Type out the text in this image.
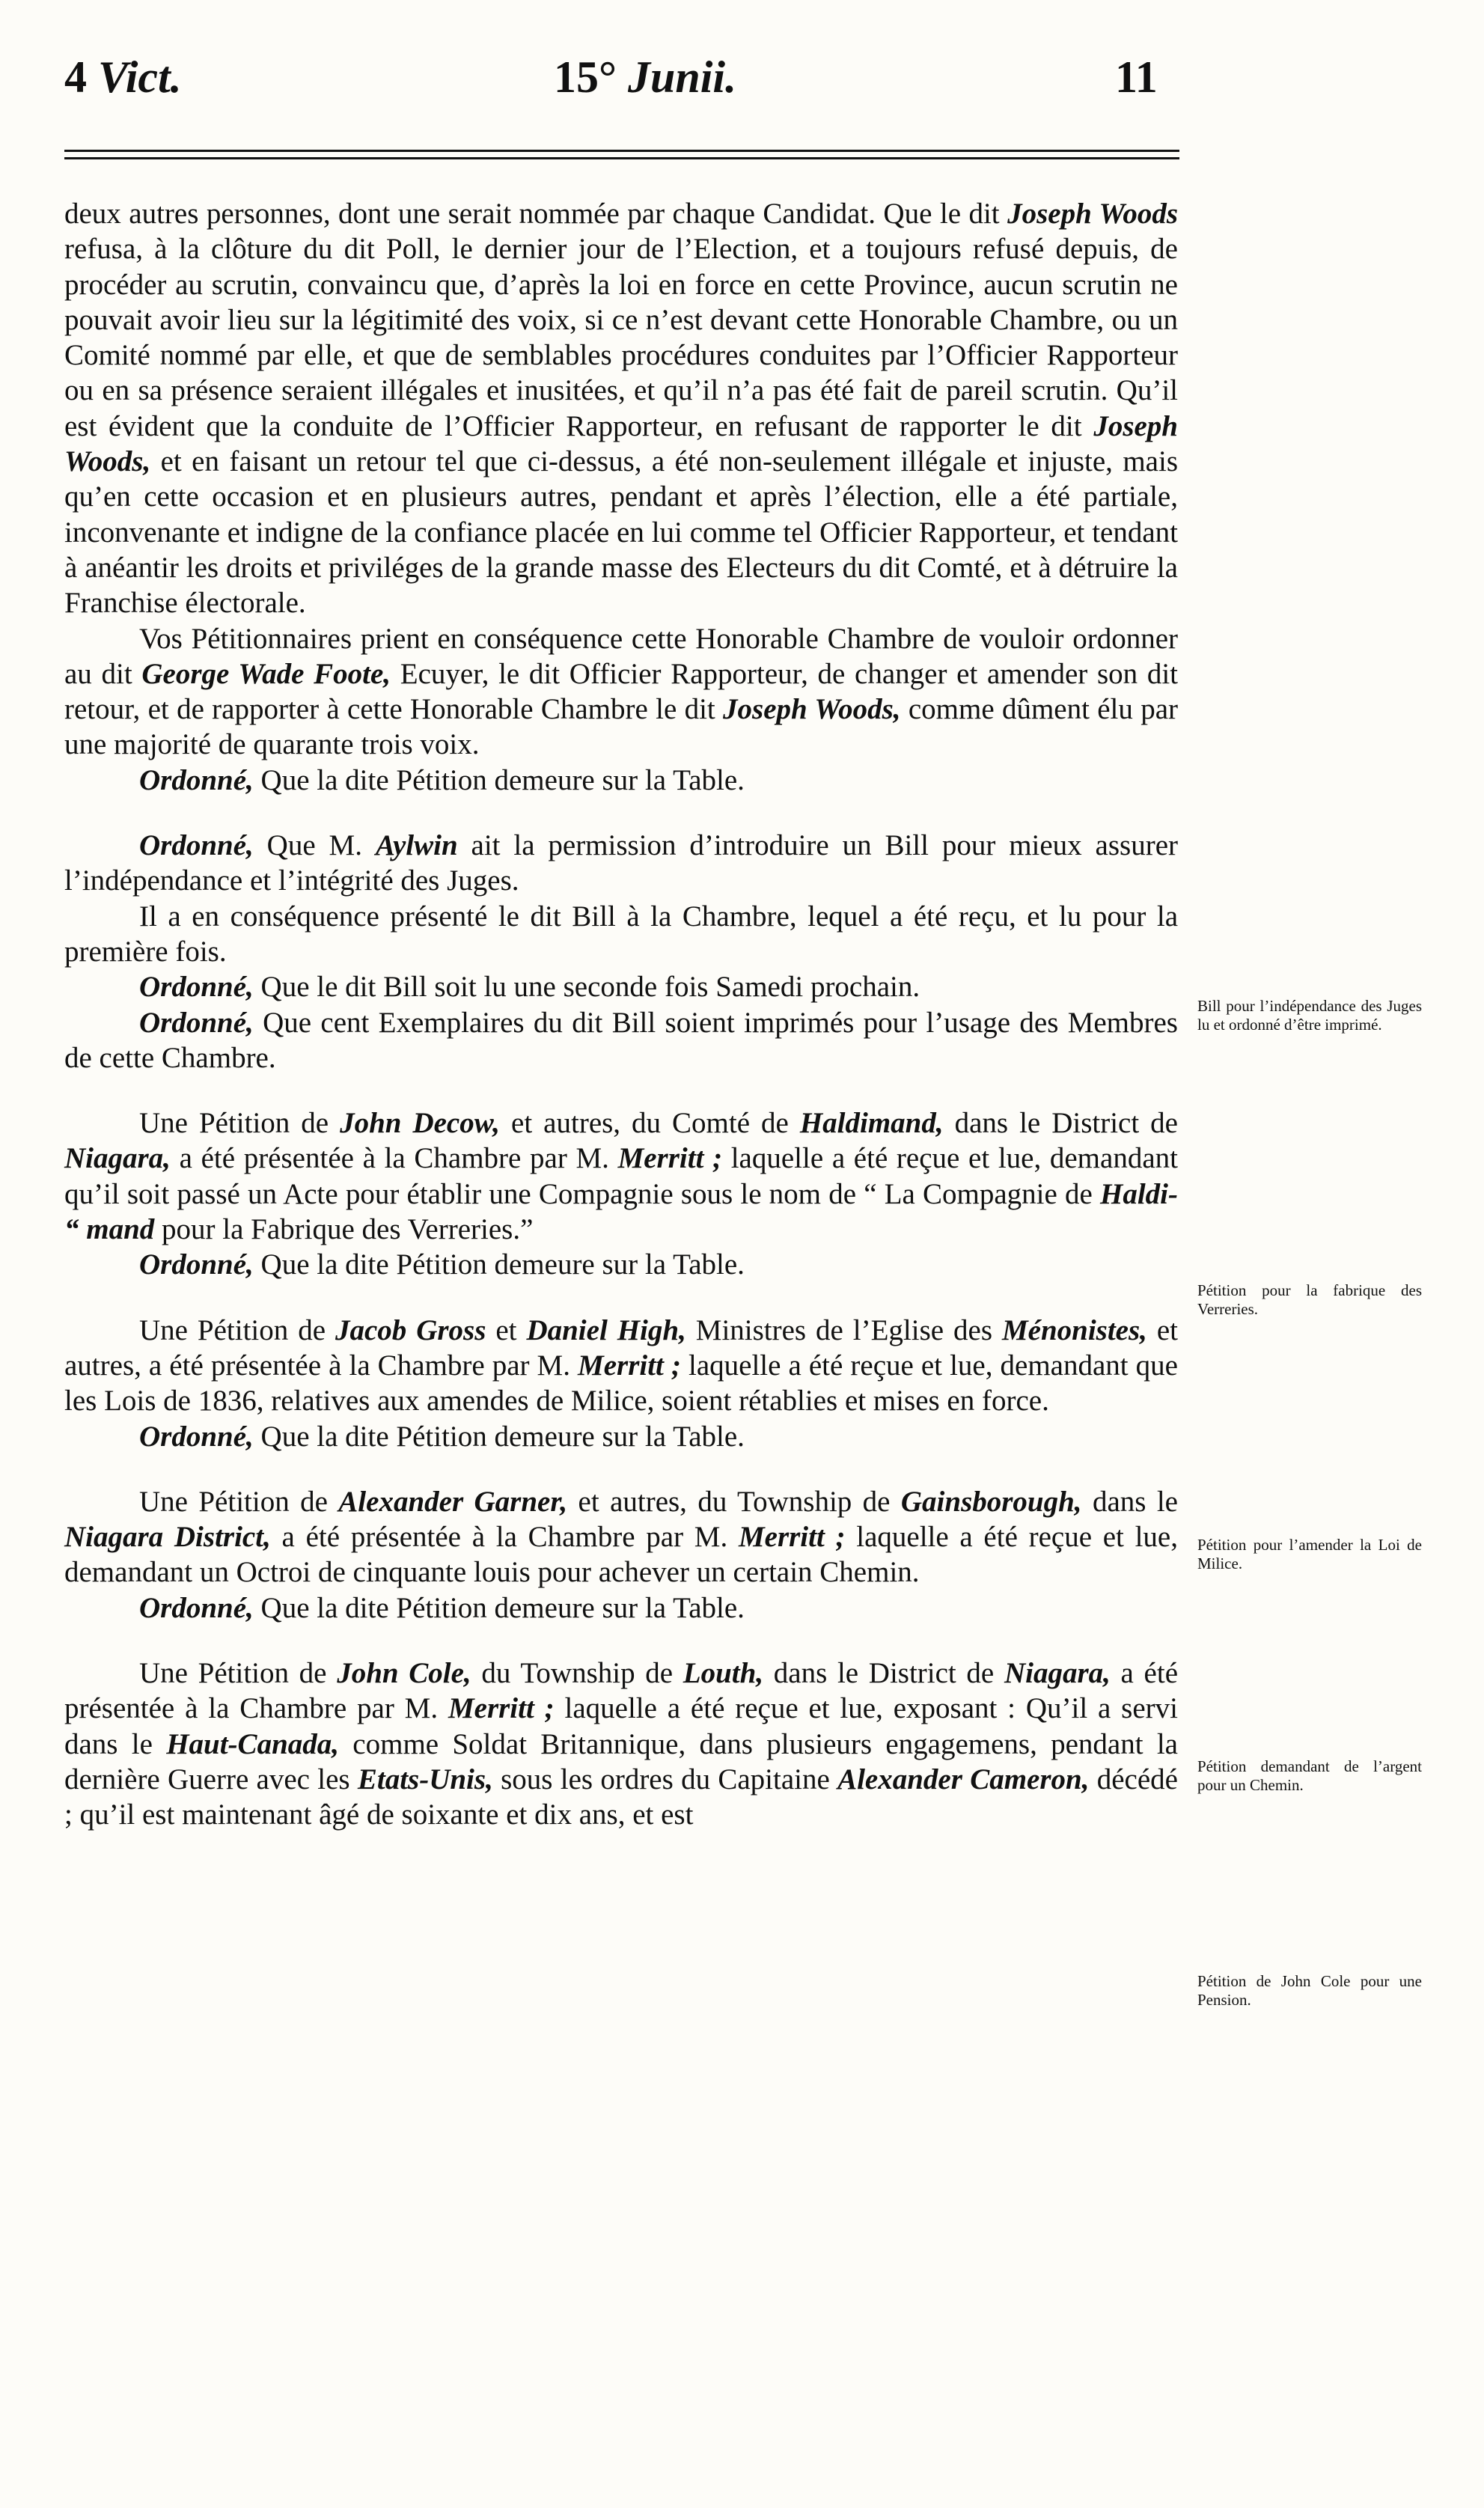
4 Vict.	15° Junii.	11

deux autres personnes, dont une serait nommée par chaque Candidat. Que le dit Joseph Woods refusa, à la clôture du dit Poll, le dernier jour de l’Election, et a toujours refusé depuis, de procéder au scrutin, convaincu que, d’après la loi en force en cette Province, aucun scrutin ne pouvait avoir lieu sur la légitimité des voix, si ce n’est devant cette Honorable Chambre, ou un Comité nommé par elle, et que de semblables procédures conduites par l’Officier Rapporteur ou en sa présence seraient illégales et inusitées, et qu’il n’a pas été fait de pareil scrutin. Qu’il est évident que la conduite de l’Officier Rapporteur, en refusant de rapporter le dit Joseph Woods, et en faisant un retour tel que ci-dessus, a été non-seulement illégale et injuste, mais qu’en cette occasion et en plusieurs autres, pendant et après l’élection, elle a été partiale, inconvenante et indigne de la confiance placée en lui comme tel Officier Rapporteur, et tendant à anéantir les droits et priviléges de la grande masse des Electeurs du dit Comté, et à détruire la Franchise électorale.

Vos Pétitionnaires prient en conséquence cette Honorable Chambre de vouloir ordonner au dit George Wade Foote, Ecuyer, le dit Officier Rapporteur, de changer et amender son dit retour, et de rapporter à cette Honorable Chambre le dit Joseph Woods, comme dûment élu par une majorité de quarante trois voix.

Ordonné, Que la dite Pétition demeure sur la Table.

Ordonné, Que M. Aylwin ait la permission d’introduire un Bill pour mieux assurer l’indépendance et l’intégrité des Juges.

Il a en conséquence présenté le dit Bill à la Chambre, lequel a été reçu, et lu pour la première fois.

Ordonné, Que le dit Bill soit lu une seconde fois Samedi prochain.

Ordonné, Que cent Exemplaires du dit Bill soient imprimés pour l’usage des Membres de cette Chambre.

Une Pétition de John Decow, et autres, du Comté de Haldimand, dans le District de Niagara, a été présentée à la Chambre par M. Merritt ; laquelle a été reçue et lue, demandant qu’il soit passé un Acte pour établir une Compagnie sous le nom de “ La Compagnie de Haldi- “ mand pour la Fabrique des Verreries.”

Ordonné, Que la dite Pétition demeure sur la Table.

Une Pétition de Jacob Gross et Daniel High, Ministres de l’Eglise des Ménonistes, et autres, a été présentée à la Chambre par M. Merritt ; laquelle a été reçue et lue, demandant que les Lois de 1836, relatives aux amendes de Milice, soient rétablies et mises en force.

Ordonné, Que la dite Pétition demeure sur la Table.

Une Pétition de Alexander Garner, et autres, du Township de Gainsborough, dans le Niagara District, a été présentée à la Chambre par M. Merritt ; laquelle a été reçue et lue, demandant un Octroi de cinquante louis pour achever un certain Chemin.

Ordonné, Que la dite Pétition demeure sur la Table.

Une Pétition de John Cole, du Township de Louth, dans le District de Niagara, a été présentée à la Chambre par M. Merritt ; laquelle a été reçue et lue, exposant : Qu’il a servi dans le Haut-Canada, comme Soldat Britannique, dans plusieurs engagemens, pendant la dernière Guerre avec les Etats-Unis, sous les ordres du Capitaine Alexander Cameron, décédé ; qu’il est maintenant âgé de soixante et dix ans, et est

Bill pour l’indépendance des Juges lu et ordonné d’être imprimé.
Pétition pour la fabrique des Verreries.
Pétition pour l’amender la Loi de Milice.
Pétition demandant de l’argent pour un Chemin.
Pétition de John Cole pour une Pension.
